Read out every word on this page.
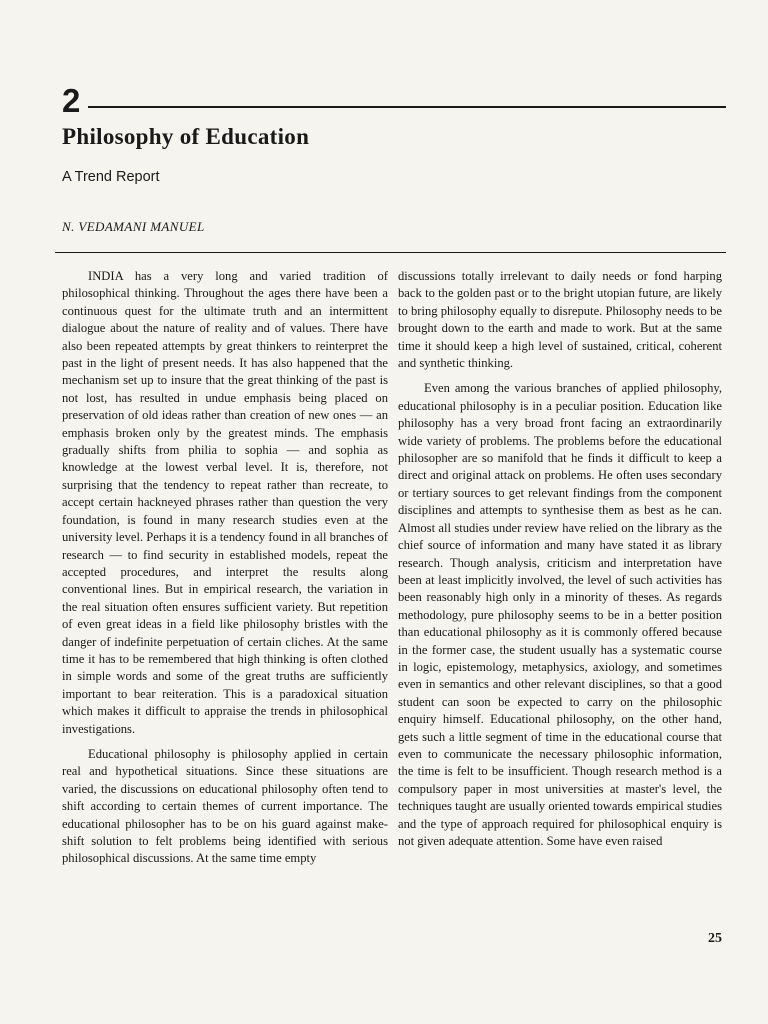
2
Philosophy of Education
A Trend Report
N. VEDAMANI MANUEL

INDIA has a very long and varied tradition of philosophical thinking. Throughout the ages there have been a continuous quest for the ultimate truth and an intermittent dialogue about the nature of reality and of values. There have also been repeated attempts by great thinkers to reinterpret the past in the light of present needs. It has also happened that the mechanism set up to insure that the great thinking of the past is not lost, has resulted in undue emphasis being placed on preservation of old ideas rather than creation of new ones — an emphasis broken only by the greatest minds. The emphasis gradually shifts from philia to sophia — and sophia as knowledge at the lowest verbal level. It is, therefore, not surprising that the tendency to repeat rather than recreate, to accept certain hackneyed phrases rather than question the very foundation, is found in many research studies even at the university level. Perhaps it is a tendency found in all branches of research — to find security in established models, repeat the accepted procedures, and interpret the results along conventional lines. But in empirical research, the variation in the real situation often ensures sufficient variety. But repetition of even great ideas in a field like philosophy bristles with the danger of indefinite perpetuation of certain cliches. At the same time it has to be remembered that high thinking is often clothed in simple words and some of the great truths are sufficiently important to bear reiteration. This is a paradoxical situation which makes it difficult to appraise the trends in philosophical investigations.

Educational philosophy is philosophy applied in certain real and hypothetical situations. Since these situations are varied, the discussions on educational philosophy often tend to shift according to certain themes of current importance. The educational philosopher has to be on his guard against make-shift solution to felt problems being identified with serious philosophical discussions. At the same time empty

discussions totally irrelevant to daily needs or fond harping back to the golden past or to the bright utopian future, are likely to bring philosophy equally to disrepute. Philosophy needs to be brought down to the earth and made to work. But at the same time it should keep a high level of sustained, critical, coherent and synthetic thinking.

Even among the various branches of applied philosophy, educational philosophy is in a peculiar position. Education like philosophy has a very broad front facing an extraordinarily wide variety of problems. The problems before the educational philosopher are so manifold that he finds it difficult to keep a direct and original attack on problems. He often uses secondary or tertiary sources to get relevant findings from the component disciplines and attempts to synthesise them as best as he can. Almost all studies under review have relied on the library as the chief source of information and many have stated it as library research. Though analysis, criticism and interpretation have been at least implicitly involved, the level of such activities has been reasonably high only in a minority of theses. As regards methodology, pure philosophy seems to be in a better position than educational philosophy as it is commonly offered because in the former case, the student usually has a systematic course in logic, epistemology, metaphysics, axiology, and sometimes even in semantics and other relevant disciplines, so that a good student can soon be expected to carry on the philosophic enquiry himself. Educational philosophy, on the other hand, gets such a little segment of time in the educational course that even to communicate the necessary philosophic information, the time is felt to be insufficient. Though research method is a compulsory paper in most universities at master's level, the techniques taught are usually oriented towards empirical studies and the type of approach required for philosophical enquiry is not given adequate attention. Some have even raised

25
